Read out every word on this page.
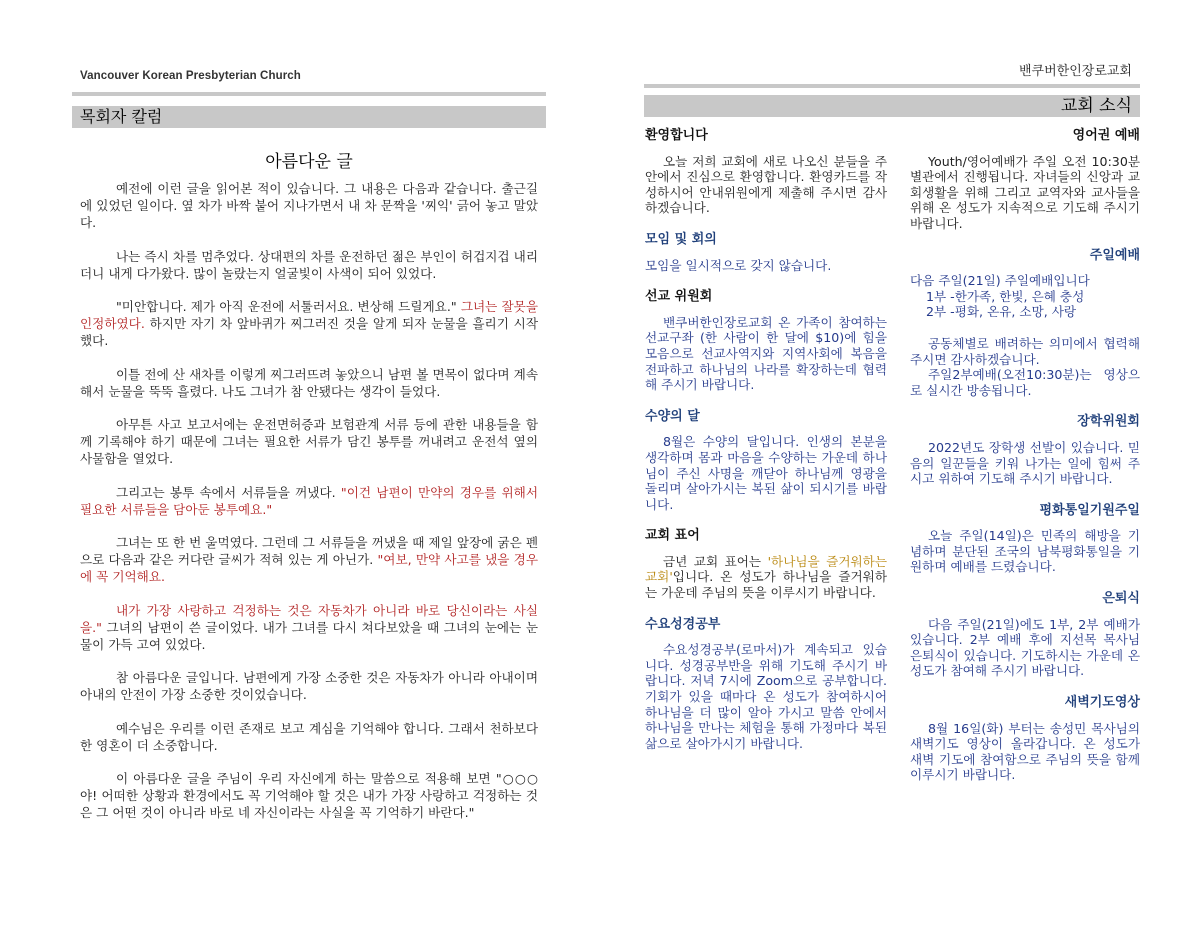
Vancouver Korean Presbyterian Church
목회자 칼럼
아름다운 글

예전에 이런 글을 읽어본 적이 있습니다. 그 내용은 다음과 같습니다. 출근길에 있었던 일이다. 옆 차가 바짝 붙어 지나가면서 내 차 문짝을 '찌익' 긁어 놓고 말았다.

나는 즉시 차를 멈추었다. 상대편의 차를 운전하던 젊은 부인이 허겁지겁 내리더니 내게 다가왔다. 많이 놀랐는지 얼굴빛이 사색이 되어 있었다.

"미안합니다. 제가 아직 운전에 서툴러서요. 변상해 드릴게요." 그녀는 잘못을 인정하였다. 하지만 자기 차 앞바퀴가 찌그러진 것을 알게 되자 눈물을 흘리기 시작했다.

이틀 전에 산 새차를 이렇게 찌그러뜨려 놓았으니 남편 볼 면목이 없다며 계속해서 눈물을 뚝뚝 흘렸다. 나도 그녀가 참 안됐다는 생각이 들었다.

아무튼 사고 보고서에는 운전면허증과 보험관계 서류 등에 관한 내용들을 함께 기록해야 하기 때문에 그녀는 필요한 서류가 담긴 봉투를 꺼내려고 운전석 옆의 사물함을 열었다.

그리고는 봉투 속에서 서류들을 꺼냈다. "이건 남편이 만약의 경우를 위해서 필요한 서류들을 담아둔 봉투예요."

그녀는 또 한 번 울먹였다. 그런데 그 서류들을 꺼냈을 때 제일 앞장에 굵은 펜으로 다음과 같은 커다란 글씨가 적혀 있는 게 아닌가. "여보, 만약 사고를 냈을 경우에 꼭 기억해요.

내가 가장 사랑하고 걱정하는 것은 자동차가 아니라 바로 당신이라는 사실을." 그녀의 남편이 쓴 글이었다. 내가 그녀를 다시 쳐다보았을 때 그녀의 눈에는 눈물이 가득 고여 있었다.

참 아름다운 글입니다. 남편에게 가장 소중한 것은 자동차가 아니라 아내이며 아내의 안전이 가장 소중한 것이었습니다.

예수님은 우리를 이런 존재로 보고 계심을 기억해야 합니다. 그래서 천하보다 한 영혼이 더 소중합니다.

이 아름다운 글을 주님이 우리 자신에게 하는 말씀으로 적용해 보면 "○○○야! 어떠한 상황과 환경에서도 꼭 기억해야 할 것은 내가 가장 사랑하고 걱정하는 것은 그 어떤 것이 아니라 바로 네 자신이라는 사실을 꼭 기억하기 바란다."

밴쿠버한인장로교회
교회 소식
환영합니다
오늘 저희 교회에 새로 나오신 분들을 주 안에서 진심으로 환영합니다. 환영카드를 작성하시어 안내위원에게 제출해 주시면 감사하겠습니다.
모임 및 회의
모임을 일시적으로 갖지 않습니다.
선교 위원회
밴쿠버한인장로교회 온 가족이 참여하는 선교구좌 (한 사람이 한 달에 $10)에 힘을 모음으로 선교사역지와 지역사회에 복음을 전파하고 하나님의 나라를 확장하는데 협력해 주시기 바랍니다.
수양의 달
8월은 수양의 달입니다. 인생의 본분을 생각하며 몸과 마음을 수양하는 가운데 하나님이 주신 사명을 깨닫아 하나님께 영광을 돌리며 살아가시는 복된 삶이 되시기를 바랍니다.
교회 표어
금년 교회 표어는 '하나님을 즐거워하는 교회'입니다. 온 성도가 하나님을 즐거워하는 가운데 주님의 뜻을 이루시기 바랍니다.
수요성경공부
수요성경공부(로마서)가 계속되고 있습니다. 성경공부반을 위해 기도해 주시기 바랍니다. 저녁 7시에 Zoom으로 공부합니다. 기회가 있을 때마다 온 성도가 참여하시어 하나님을 더 많이 알아 가시고 말씀 안에서 하나님을 만나는 체험을 통해 가정마다 복된 삶으로 살아가시기 바랍니다.
영어권 예배
Youth/영어예배가 주일 오전 10:30분 별관에서 진행됩니다. 자녀들의 신앙과 교회생활을 위해 그리고 교역자와 교사들을 위해 온 성도가 지속적으로 기도해 주시기 바랍니다.
주일예배
다음 주일(21일) 주일예배입니다
1부 -한가족, 한빛, 은혜 충성
2부 -평화, 온유, 소망, 사랑
공동체별로 배려하는 의미에서 협력해 주시면 감사하겠습니다.
주일2부예배(오전10:30분)는 영상으로 실시간 방송됩니다.
장학위원회
2022년도 장학생 선발이 있습니다. 믿음의 일꾼들을 키워 나가는 일에 힘써 주시고 위하여 기도해 주시기 바랍니다.
평화통일기원주일
오늘 주일(14일)은 민족의 해방을 기념하며 분단된 조국의 남북평화통일을 기원하며 예배를 드렸습니다.
은퇴식
다음 주일(21일)에도 1부, 2부 예배가 있습니다. 2부 예배 후에 지선목 목사님 은퇴식이 있습니다. 기도하시는 가운데 온 성도가 참여해 주시기 바랍니다.
새벽기도영상
8월 16일(화) 부터는 송성민 목사님의 새벽기도 영상이 올라갑니다. 온 성도가 새벽 기도에 참여함으로 주님의 뜻을 함께 이루시기 바랍니다.
